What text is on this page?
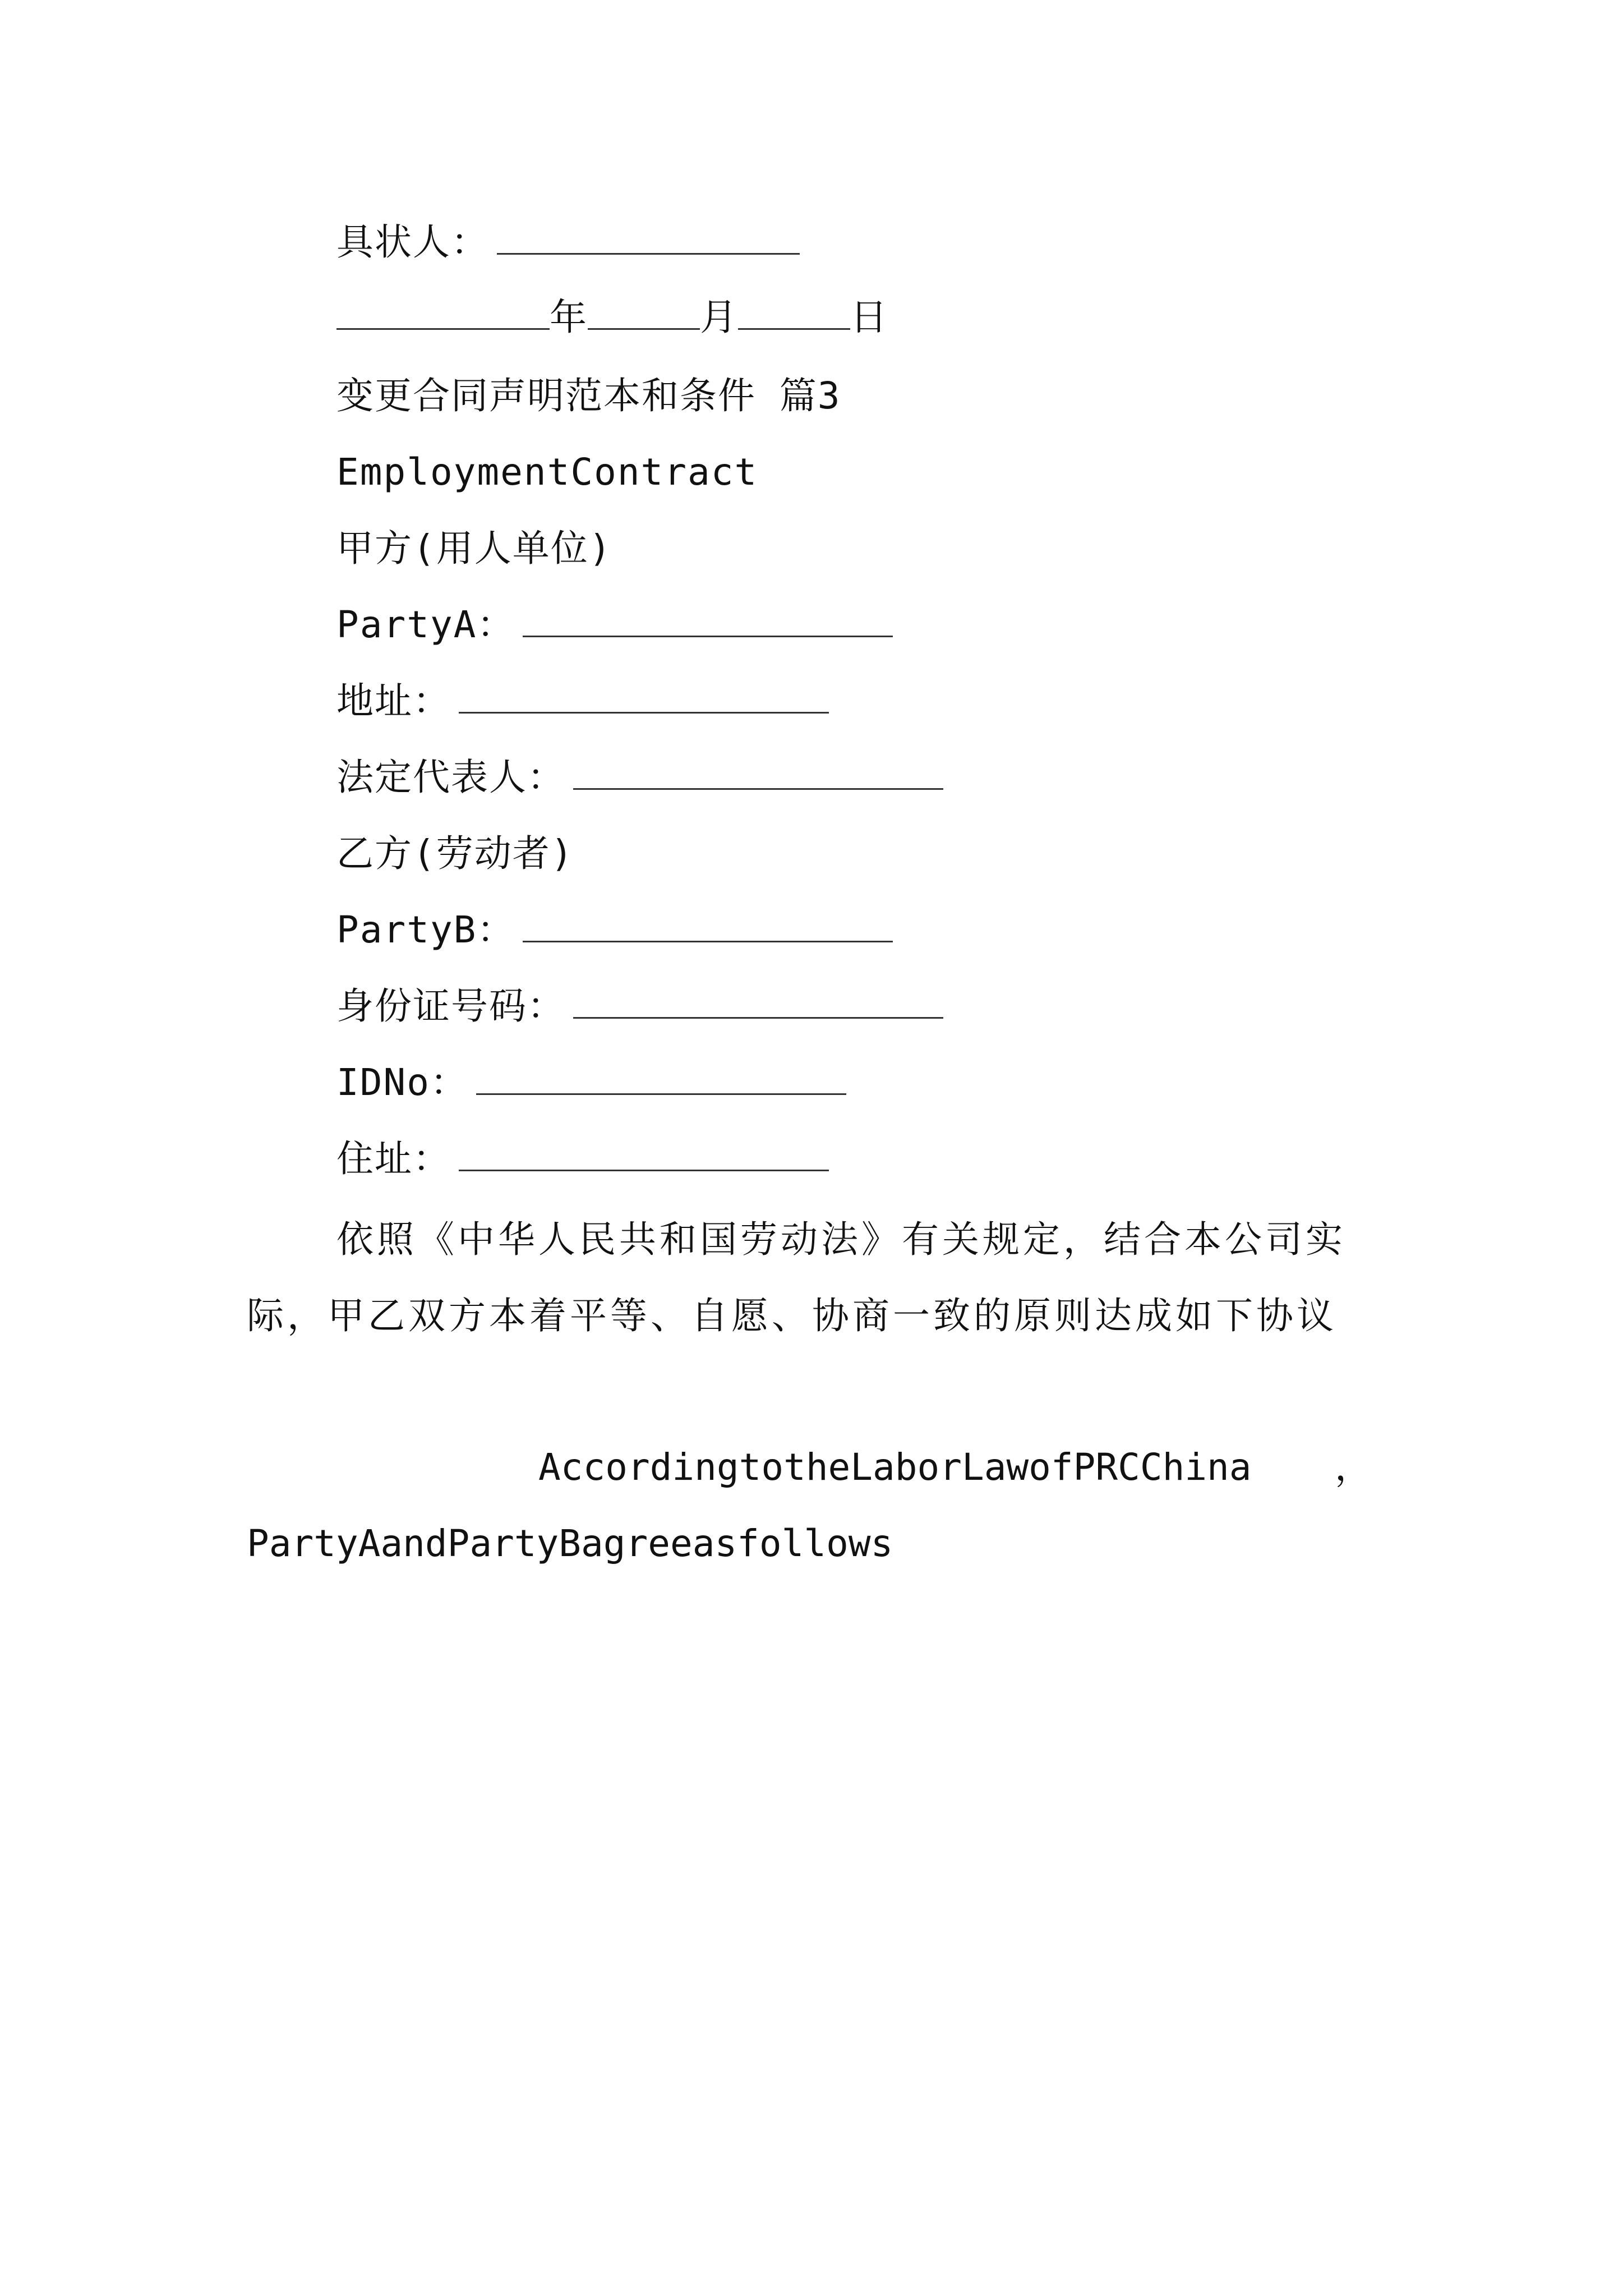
具状人：
年	月	日
变更合同声明范本和条件 篇3
EmploymentContract
甲方(用人单位)
PartyA：
地址：
法定代表人：
乙方(劳动者)
PartyB：
身份证号码：
IDNo：
住址：
依照《中华人民共和国劳动法》有关规定，结合本公司实际，甲乙双方本着平等、自愿、协商一致的原则达成如下协议
AccordingtotheLaborLawofPRCChina ，
PartyAandPartyBagreeasfollows
